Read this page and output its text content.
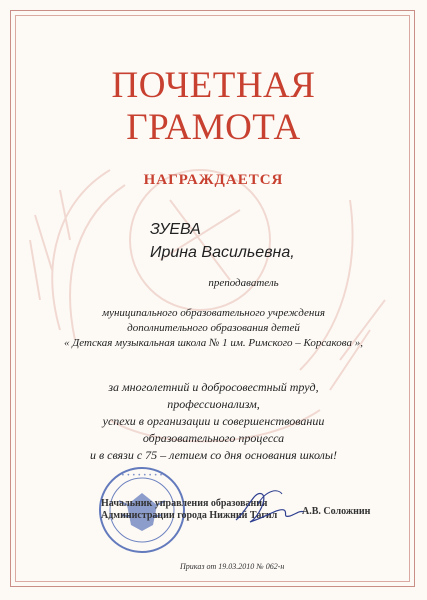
ПОЧЕТНАЯ
ГРАМОТА
НАГРАЖДАЕТСЯ
ЗУЕВА
Ирина Васильевна,
преподаватель
муниципального образовательного учреждения
дополнительного образования детей
« Детская музыкальная школа № 1 им. Римского – Корсакова »,
за многолетний и добросовестный труд,
профессионализм,
успехи в организации и совершенствовании
образовательного процесса
и в связи с 75 – летием со дня основания школы!
• • • • • • • •
Начальник управления образования
Администрации города Нижний Тагил А.В. Соложнин
Приказ от 19.03.2010 № 062-н
